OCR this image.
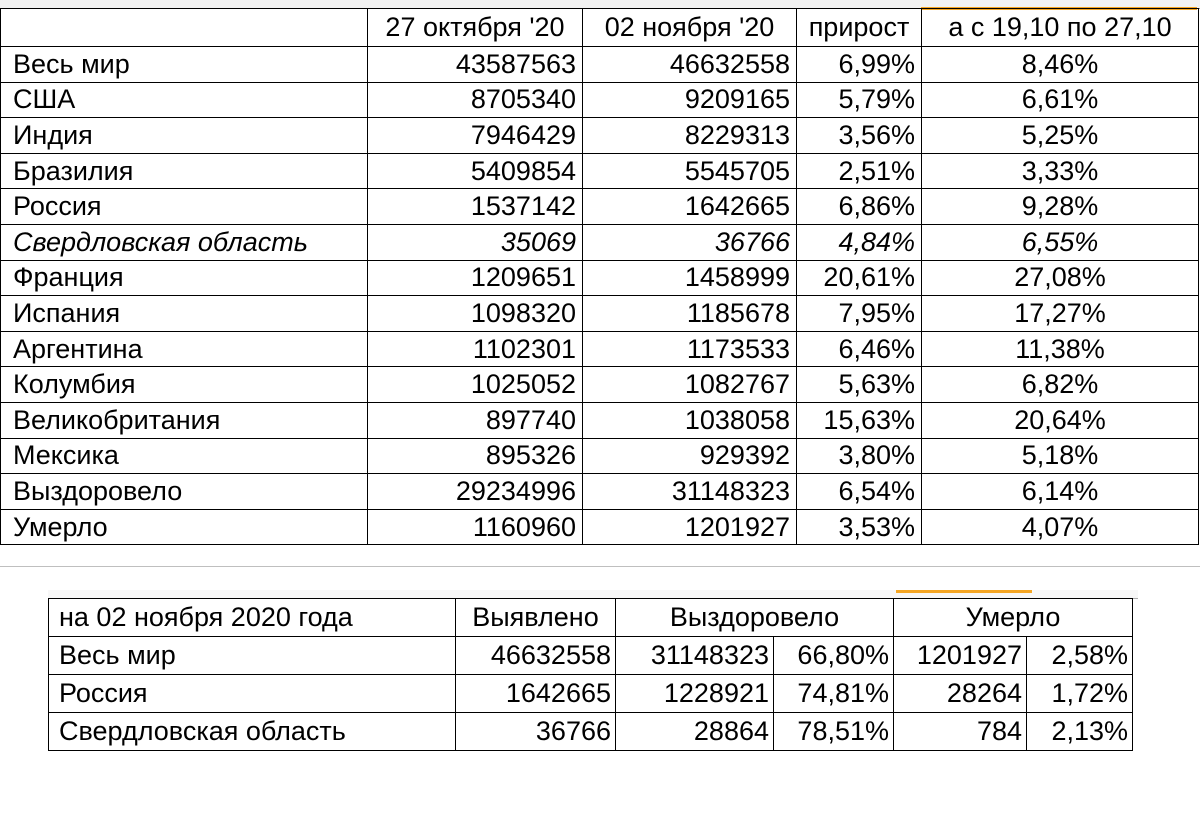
	27 октября '20	02 ноября '20	прирост	а с 19,10 по 27,10
Весь мир	43587563	46632558	6,99%	8,46%
США	8705340	9209165	5,79%	6,61%
Индия	7946429	8229313	3,56%	5,25%
Бразилия	5409854	5545705	2,51%	3,33%
Россия	1537142	1642665	6,86%	9,28%
Свердловская область	35069	36766	4,84%	6,55%
Франция	1209651	1458999	20,61%	27,08%
Испания	1098320	1185678	7,95%	17,27%
Аргентина	1102301	1173533	6,46%	11,38%
Колумбия	1025052	1082767	5,63%	6,82%
Великобритания	897740	1038058	15,63%	20,64%
Мексика	895326	929392	3,80%	5,18%
Выздоровело	29234996	31148323	6,54%	6,14%
Умерло	1160960	1201927	3,53%	4,07%
на 02 ноября 2020 года	Выявлено	Выздоровело		Умерло	
Весь мир	46632558	31148323	66,80%	1201927	2,58%
Россия	1642665	1228921	74,81%	28264	1,72%
Свердловская область	36766	28864	78,51%	784	2,13%
